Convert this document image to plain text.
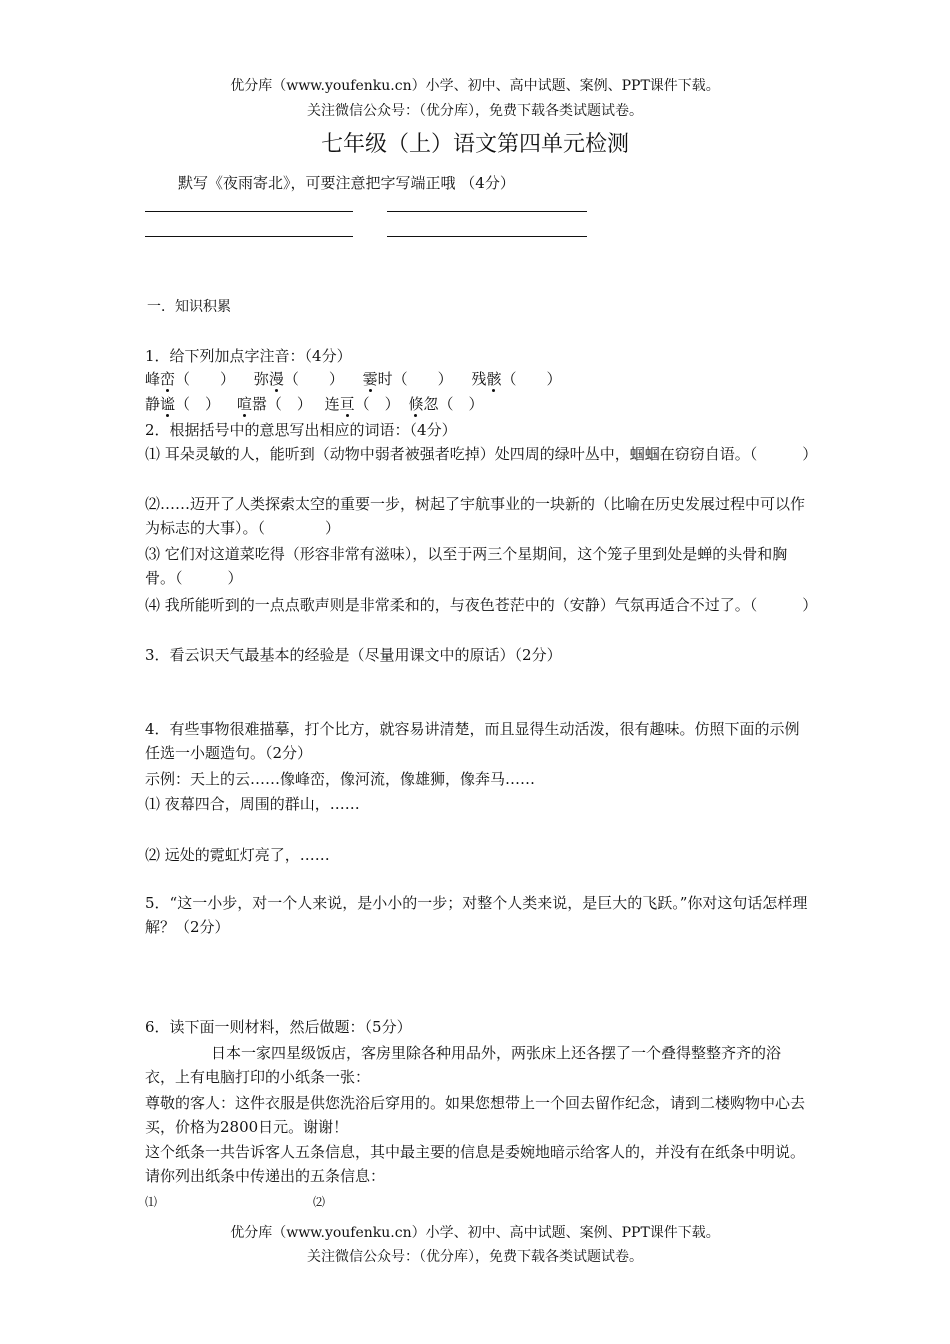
优分库（www.youfenku.cn）小学、初中、高中试题、案例、PPT课件下载。
关注微信公众号：（优分库），免费下载各类试题试卷。
七年级（上）语文第四单元检测
默写《夜雨寄北》，可要注意把字写端正哦 （4分）
一．知识积累
1．给下列加点字注音：（4分）
峰峦（　　） 弥漫（　　） 霎时（　　） 残骸（　　）
静谧（　） 喧嚣（　） 连亘（　） 倏忽（　）
2．根据括号中的意思写出相应的词语：（4分）
⑴ 耳朵灵敏的人，能听到（动物中弱者被强者吃掉）处四周的绿叶丛中，蝈蝈在窃窃自语。（　　　）
⑵……迈开了人类探索太空的重要一步，树起了宇航事业的一块新的（比喻在历史发展过程中可以作为标志的大事）。（　　　　）
⑶ 它们对这道菜吃得（形容非常有滋味），以至于两三个星期间，这个笼子里到处是蝉的头骨和胸骨。（　　　）
⑷ 我所能听到的一点点歌声则是非常柔和的，与夜色苍茫中的（安静）气氛再适合不过了。（　　　）
3．看云识天气最基本的经验是（尽量用课文中的原话）（2分）
4．有些事物很难描摹，打个比方，就容易讲清楚，而且显得生动活泼，很有趣味。仿照下面的示例任选一小题造句。（2分）
示例：天上的云……像峰峦，像河流，像雄狮，像奔马……
⑴ 夜幕四合，周围的群山，……
⑵ 远处的霓虹灯亮了，……
5．“这一小步，对一个人来说，是小小的一步；对整个人类来说，是巨大的飞跃。”你对这句话怎样理解？（2分）
6．读下面一则材料，然后做题：（5分）
日本一家四星级饭店，客房里除各种用品外，两张床上还各摆了一个叠得整整齐齐的浴衣，上有电脑打印的小纸条一张：
尊敬的客人：这件衣服是供您洗浴后穿用的。如果您想带上一个回去留作纪念，请到二楼购物中心去买，价格为2800日元。谢谢！
这个纸条一共告诉客人五条信息，其中最主要的信息是委婉地暗示给客人的，并没有在纸条中明说。请你列出纸条中传递出的五条信息：
⑴	⑵
优分库（www.youfenku.cn）小学、初中、高中试题、案例、PPT课件下载。
关注微信公众号：（优分库），免费下载各类试题试卷。
